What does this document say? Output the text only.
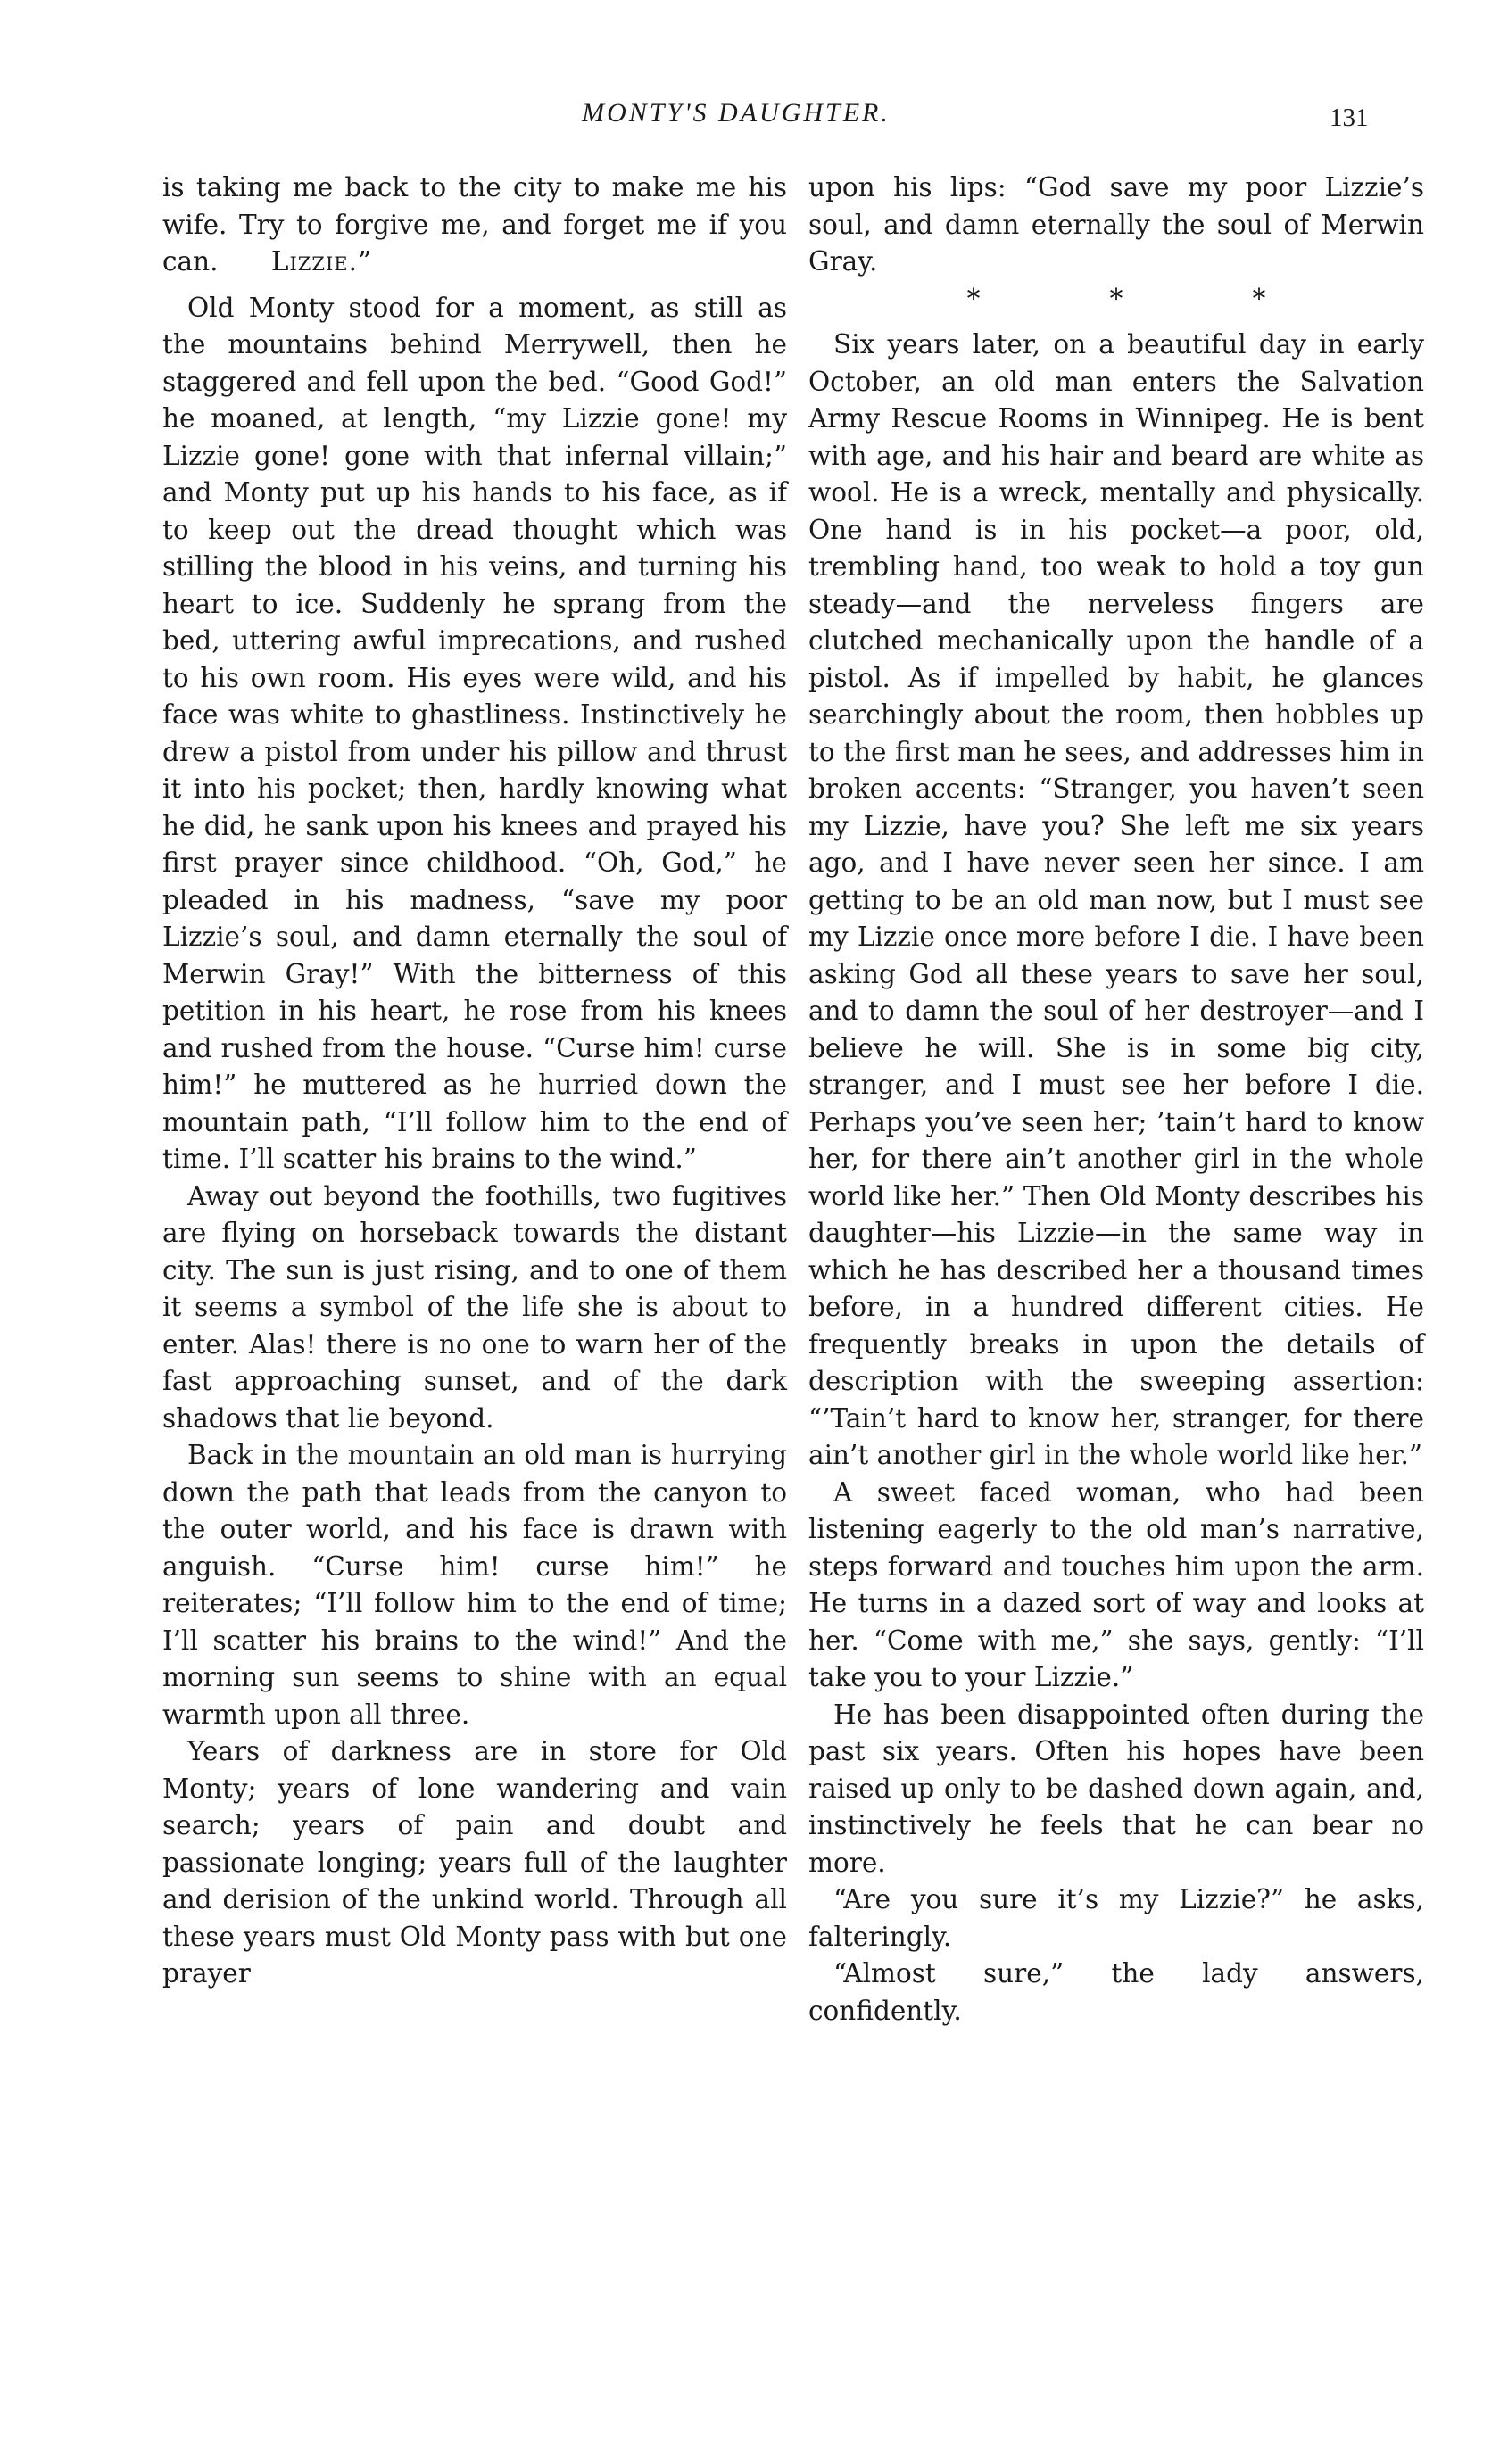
MONTY'S DAUGHTER.	131

is taking me back to the city to make me his wife. Try to forgive me, and forget me if you can. Lizzie.”

Old Monty stood for a moment, as still as the mountains behind Merrywell, then he staggered and fell upon the bed. “Good God!” he moaned, at length, “my Lizzie gone! my Lizzie gone! gone with that infernal villain;” and Monty put up his hands to his face, as if to keep out the dread thought which was stilling the blood in his veins, and turning his heart to ice. Suddenly he sprang from the bed, uttering awful imprecations, and rushed to his own room. His eyes were wild, and his face was white to ghastliness. Instinctively he drew a pistol from under his pillow and thrust it into his pocket; then, hardly knowing what he did, he sank upon his knees and prayed his first prayer since childhood. “Oh, God,” he pleaded in his madness, “save my poor Lizzie’s soul, and damn eternally the soul of Merwin Gray!” With the bitterness of this petition in his heart, he rose from his knees and rushed from the house. “Curse him! curse him!” he muttered as he hurried down the mountain path, “I’ll follow him to the end of time. I’ll scatter his brains to the wind.”

Away out beyond the foothills, two fugitives are flying on horseback towards the distant city. The sun is just rising, and to one of them it seems a symbol of the life she is about to enter. Alas! there is no one to warn her of the fast approaching sunset, and of the dark shadows that lie beyond.

Back in the mountain an old man is hurrying down the path that leads from the canyon to the outer world, and his face is drawn with anguish. “Curse him! curse him!” he reiterates; “I’ll follow him to the end of time; I’ll scatter his brains to the wind!” And the morning sun seems to shine with an equal warmth upon all three.

Years of darkness are in store for Old Monty; years of lone wandering and vain search; years of pain and doubt and passionate longing; years full of the laughter and derision of the unkind world. Through all these years must Old Monty pass with but one prayer

upon his lips: “God save my poor Lizzie’s soul, and damn eternally the soul of Merwin Gray.

*	*	*

Six years later, on a beautiful day in early October, an old man enters the Salvation Army Rescue Rooms in Winnipeg. He is bent with age, and his hair and beard are white as wool. He is a wreck, mentally and physically. One hand is in his pocket—a poor, old, trembling hand, too weak to hold a toy gun steady—and the nerveless fingers are clutched mechanically upon the handle of a pistol. As if impelled by habit, he glances searchingly about the room, then hobbles up to the first man he sees, and addresses him in broken accents: “Stranger, you haven’t seen my Lizzie, have you? She left me six years ago, and I have never seen her since. I am getting to be an old man now, but I must see my Lizzie once more before I die. I have been asking God all these years to save her soul, and to damn the soul of her destroyer—and I believe he will. She is in some big city, stranger, and I must see her before I die. Perhaps you’ve seen her; ’tain’t hard to know her, for there ain’t another girl in the whole world like her.” Then Old Monty describes his daughter—his Lizzie—in the same way in which he has described her a thousand times before, in a hundred different cities. He frequently breaks in upon the details of description with the sweeping assertion: “’Tain’t hard to know her, stranger, for there ain’t another girl in the whole world like her.”

A sweet faced woman, who had been listening eagerly to the old man’s narrative, steps forward and touches him upon the arm. He turns in a dazed sort of way and looks at her. “Come with me,” she says, gently: “I’ll take you to your Lizzie.”

He has been disappointed often during the past six years. Often his hopes have been raised up only to be dashed down again, and, instinctively he feels that he can bear no more.

“Are you sure it’s my Lizzie?” he asks, falteringly.

“Almost sure,” the lady answers, confidently.
